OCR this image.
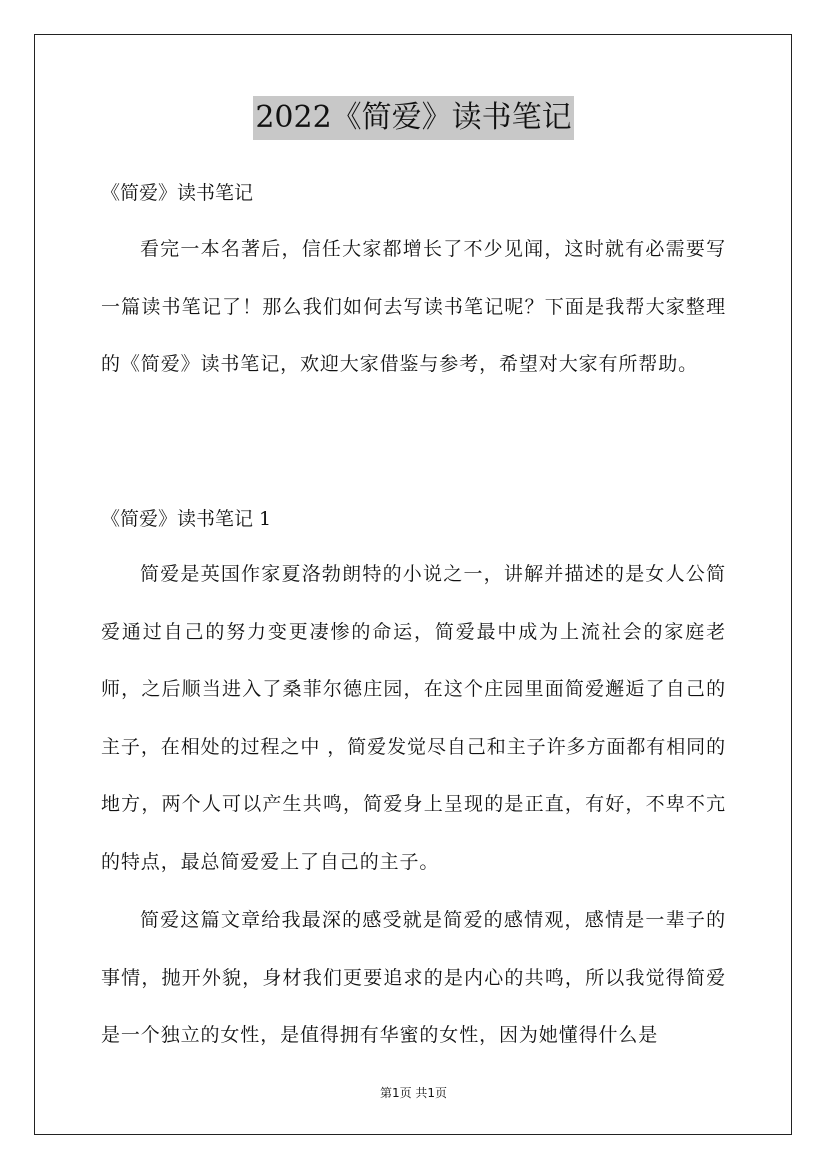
2022《简爱》读书笔记

《简爱》读书笔记

看完一本名著后，信任大家都增长了不少见闻，这时就有必需要写一篇读书笔记了！那么我们如何去写读书笔记呢？下面是我帮大家整理的《简爱》读书笔记，欢迎大家借鉴与参考，希望对大家有所帮助。

《简爱》读书笔记 1

简爱是英国作家夏洛勃朗特的小说之一，讲解并描述的是女人公简爱通过自己的努力变更凄惨的命运，简爱最中成为上流社会的家庭老师，之后顺当进入了桑菲尔德庄园，在这个庄园里面简爱邂逅了自己的主子，在相处的过程之中 ，简爱发觉尽自己和主子许多方面都有相同的地方，两个人可以产生共鸣，简爱身上呈现的是正直，有好，不卑不亢的特点，最总简爱爱上了自己的主子。

简爱这篇文章给我最深的感受就是简爱的感情观，感情是一辈子的事情，抛开外貌，身材我们更要追求的是内心的共鸣，所以我觉得简爱是一个独立的女性，是值得拥有华蜜的女性，因为她懂得什么是

第1页 共1页
